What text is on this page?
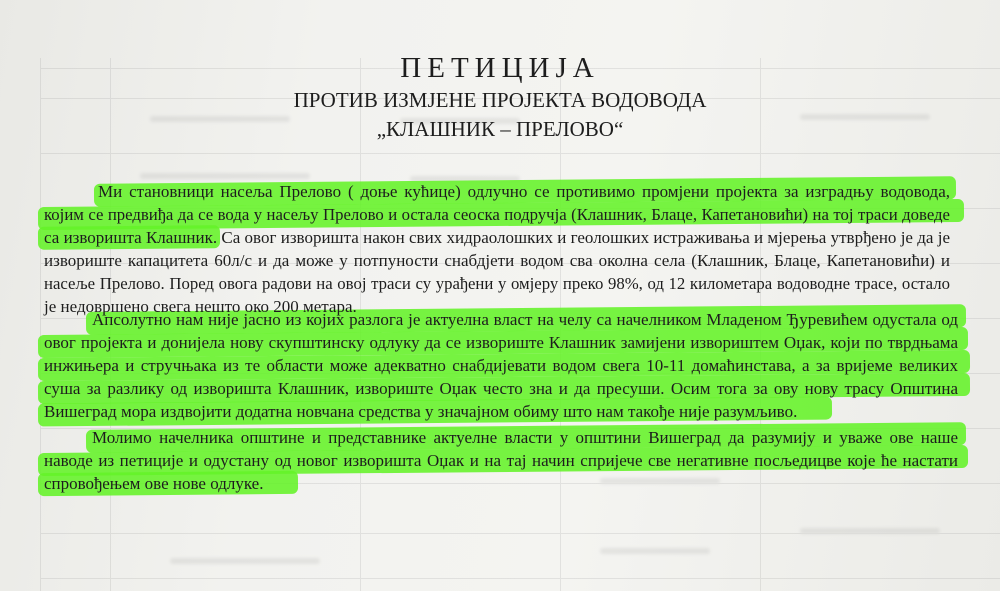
ПЕТИЦИЈА
ПРОТИВ ИЗМЈЕНЕ ПРОЈЕКТА ВОДОВОДА
„КЛАШНИК – ПРЕЛОВО“
Ми становници насеља Прелово ( доње кућице) одлучно се противимо промјени пројекта за изградњу водовода,
којим се предвиђа да се вода у насељу Прелово и остала сеоска подручја (Клашник, Блаце, Капетановићи) на тој траси доведе
са изворишта Клашник. Са овог изворишта након свих хидраолошких и геолошких истраживања и мјерења утврђено је да је
извориште капацитета 60л/с и да може у потпуности снабдјети водом сва околна села (Клашник, Блаце, Капетановићи) и
насеље Прелово. Поред овога радови на овој траси су урађени у омјеру преко 98%, од 12 километара водоводне трасе, остало
је недовршено свега нешто око 200 метара.
Апсолутно нам није јасно из којих разлога је актуелна власт на челу са начелником Младеном Ђуревићем одустала од
овог пројекта и донијела нову скупштинску одлуку да се извориште Клашник замијени извориштем Оџак, који по тврдњама
инжињера и стручњака из те области може адекватно снабдијевати водом свега 10-11 домаћинстава, а за вријеме великих
суша за разлику од изворишта Клашник, извориште Оџак често зна и да пресуши. Осим тога за ову нову трасу Општина
Вишеград мора издвојити додатна новчана средства у значајном обиму што нам такође није разумљиво.
Молимо начелника општине и представнике актуелне власти у општини Вишеград да разумију и уваже ове наше
наводе из петиције и одустану од новог изворишта Оџак и на тај начин спријече све негативне посљедицве које ће настати
спровођењем ове нове одлуке.
